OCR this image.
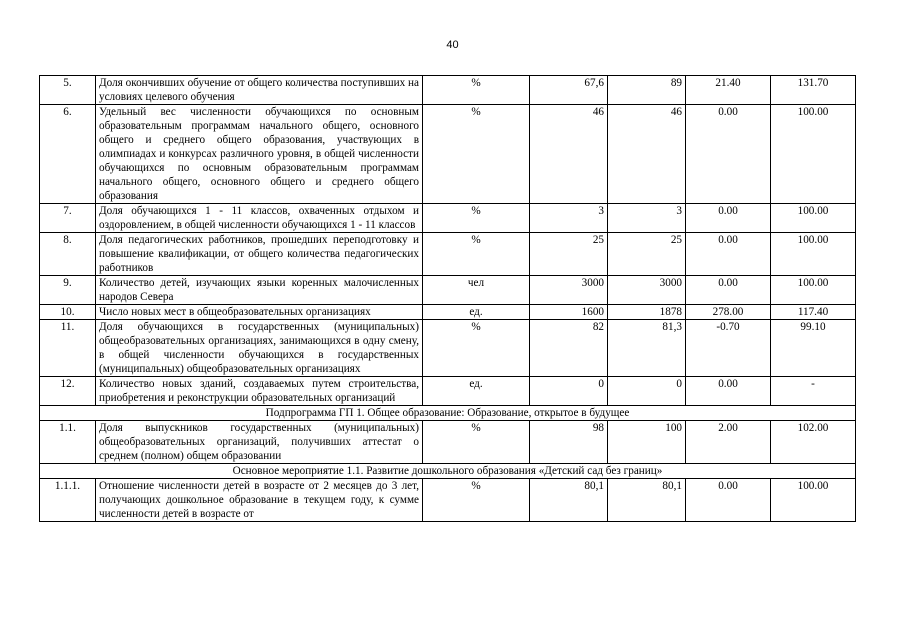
40
5.	Доля окончивших обучение от общего количества поступивших на условиях целевого обучения	%	67,6	89	21.40	131.70
6.	Удельный вес численности обучающихся по основным образовательным программам начального общего, основного общего и среднего общего образования, участвующих в олимпиадах и конкурсах различного уровня, в общей численности обучающихся по основным образовательным программам начального общего, основного общего и среднего общего образования	%	46	46	0.00	100.00
7.	Доля обучающихся 1 - 11 классов, охваченных отдыхом и оздоровлением, в общей численности обучающихся 1 - 11 классов	%	3	3	0.00	100.00
8.	Доля педагогических работников, прошедших переподготовку и повышение квалификации, от общего количества педагогических работников	%	25	25	0.00	100.00
9.	Количество детей, изучающих языки коренных малочисленных народов Севера	чел	3000	3000	0.00	100.00
10.	Число новых мест в общеобразовательных организациях	ед.	1600	1878	278.00	117.40
11.	Доля обучающихся в государственных (муниципальных) общеобразовательных организациях, занимающихся в одну смену, в общей численности обучающихся в государственных (муниципальных) общеобразовательных организациях	%	82	81,3	-0.70	99.10
12.	Количество новых зданий, создаваемых путем строительства, приобретения и реконструкции образовательных организаций	ед.	0	0	0.00	-
Подпрограмма ГП 1. Общее образование: Образование, открытое в будущее						
1.1.	Доля выпускников государственных (муниципальных) общеобразовательных организаций, получивших аттестат о среднем (полном) общем образовании	%	98	100	2.00	102.00
Основное мероприятие 1.1. Развитие дошкольного образования «Детский сад без границ»						
1.1.1.	Отношение численности детей в возрасте от 2 месяцев до 3 лет, получающих дошкольное образование в текущем году, к сумме численности детей в возрасте от	%	80,1	80,1	0.00	100.00
